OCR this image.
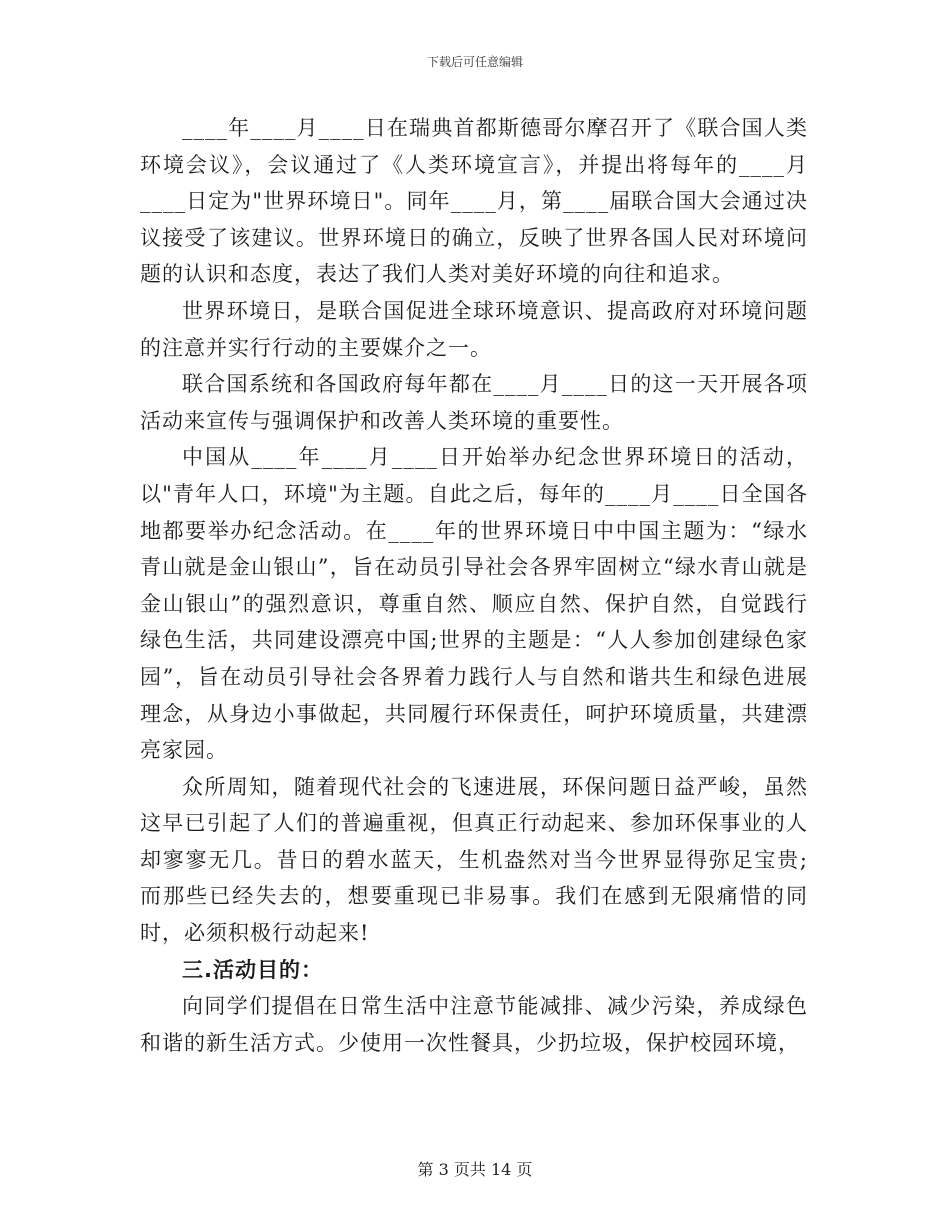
下载后可任意编辑

____年____月____日在瑞典首都斯德哥尔摩召开了《联合国人类环境会议》，会议通过了《人类环境宣言》，并提出将每年的____月____日定为"世界环境日"。同年____月，第____届联合国大会通过决议接受了该建议。世界环境日的确立，反映了世界各国人民对环境问题的认识和态度，表达了我们人类对美好环境的向往和追求。

世界环境日，是联合国促进全球环境意识、提高政府对环境问题的注意并实行行动的主要媒介之一。

联合国系统和各国政府每年都在____月____日的这一天开展各项活动来宣传与强调保护和改善人类环境的重要性。

中国从____年____月____日开始举办纪念世界环境日的活动，以"青年人口，环境"为主题。自此之后，每年的____月____日全国各地都要举办纪念活动。在____年的世界环境日中中国主题为：“绿水青山就是金山银山”，旨在动员引导社会各界牢固树立“绿水青山就是金山银山”的强烈意识，尊重自然、顺应自然、保护自然，自觉践行绿色生活，共同建设漂亮中国;世界的主题是：“人人参加创建绿色家园”，旨在动员引导社会各界着力践行人与自然和谐共生和绿色进展理念，从身边小事做起，共同履行环保责任，呵护环境质量，共建漂亮家园。

众所周知，随着现代社会的飞速进展，环保问题日益严峻，虽然这早已引起了人们的普遍重视，但真正行动起来、参加环保事业的人却寥寥无几。昔日的碧水蓝天，生机盎然对当今世界显得弥足宝贵;而那些已经失去的，想要重现已非易事。我们在感到无限痛惜的同时，必须积极行动起来!

三.活动目的：

向同学们提倡在日常生活中注意节能减排、减少污染，养成绿色和谐的新生活方式。少使用一次性餐具，少扔垃圾，保护校园环境，

第 3 页共 14 页
